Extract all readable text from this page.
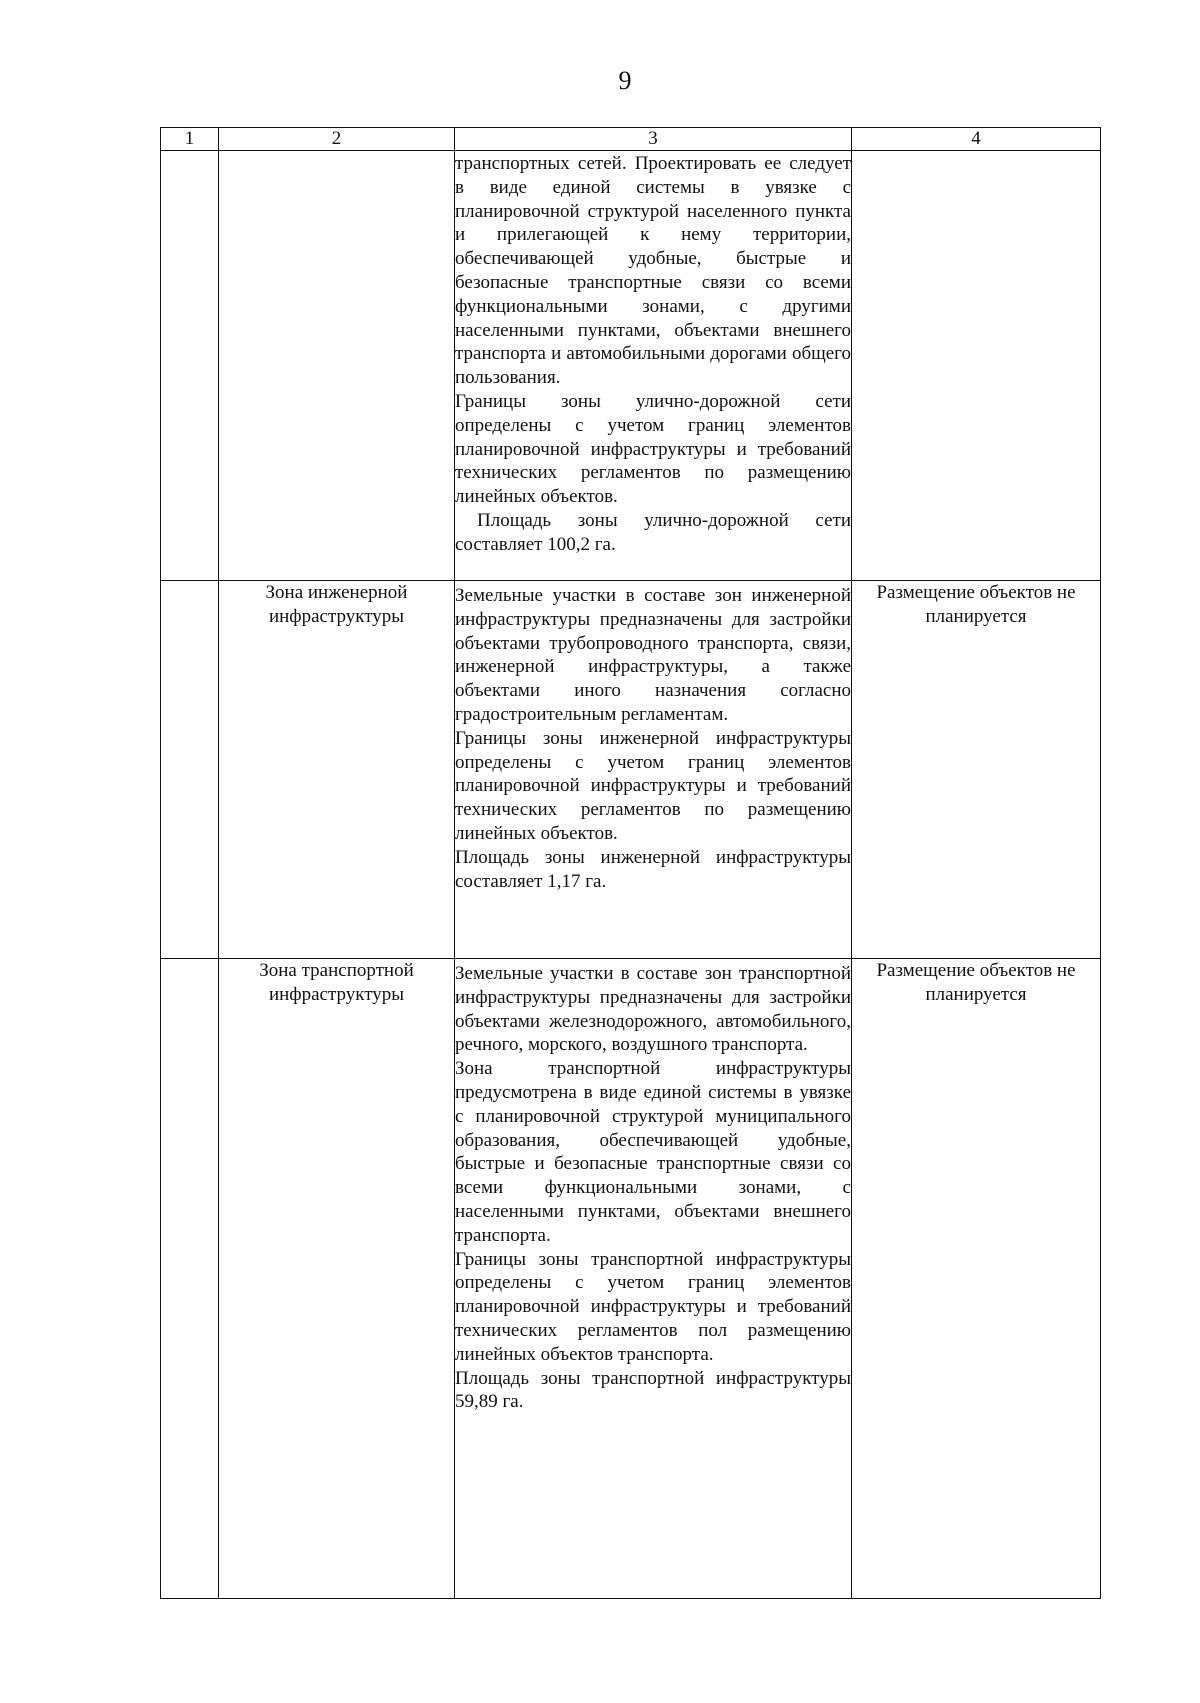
9
1	2	3	4

		транспортных сетей. Проектировать ее следует в виде единой системы в увязке с планировочной структурой населенного пункта и прилегающей к нему территории, обеспечивающей удобные, быстрые и безопасные транспортные связи со всеми функциональными зонами, с другими населенными пунктами, объектами внешнего транспорта и автомобильными дорогами общего пользования.
Границы зоны улично-дорожной сети определены с учетом границ элементов планировочной инфраструктуры и требований технических регламентов по размещению линейных объектов.
Площадь зоны улично-дорожной сети составляет 100,2 га.	

	Зона инженерной инфраструктуры	Земельные участки в составе зон инженерной инфраструктуры предназначены для застройки объектами трубопроводного транспорта, связи, инженерной инфраструктуры, а также объектами иного назначения согласно градостроительным регламентам.
Границы зоны инженерной инфраструктуры определены с учетом границ элементов планировочной инфраструктуры и требований технических регламентов по размещению линейных объектов.
Площадь зоны инженерной инфраструктуры составляет 1,17 га.	Размещение объектов не планируется
	Зона транспортной инфраструктуры	Земельные участки в составе зон транспортной инфраструктуры предназначены для застройки объектами железнодорожного, автомобильного, речного, морского, воздушного транспорта.
Зона транспортной инфраструктуры предусмотрена в виде единой системы в увязке с планировочной структурой муниципального образования, обеспечивающей удобные, быстрые и безопасные транспортные связи со всеми функциональными зонами, с населенными пунктами, объектами внешнего транспорта.
Границы зоны транспортной инфраструктуры определены с учетом границ элементов планировочной инфраструктуры и требований технических регламентов пол размещению линейных объектов транспорта.
Площадь зоны транспортной инфраструктуры 59,89 га.	Размещение объектов не планируется
